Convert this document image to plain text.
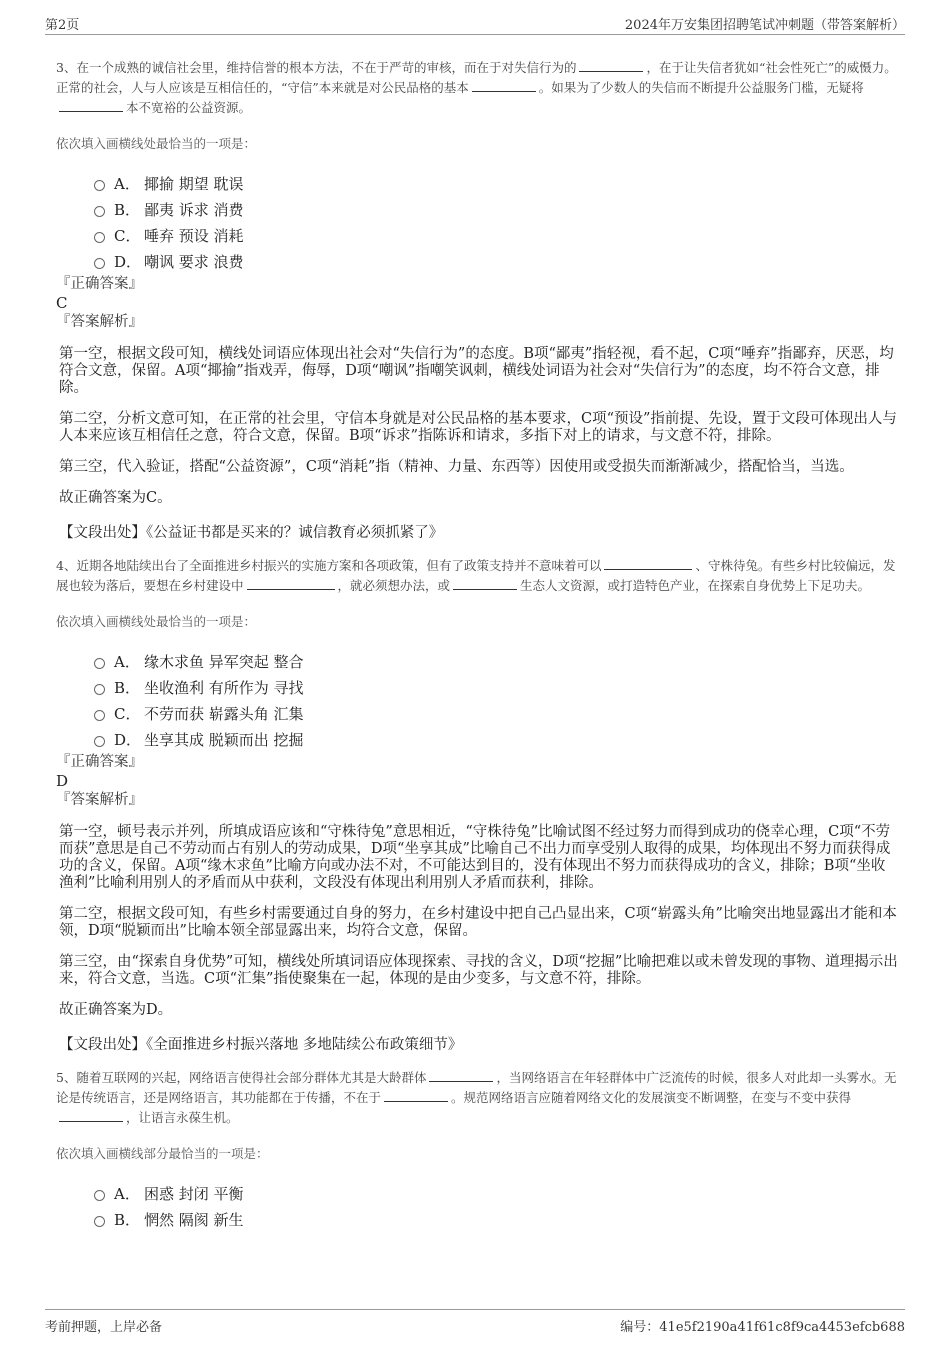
第2页	2024年万安集团招聘笔试冲刺题（带答案解析）

3、在一个成熟的诚信社会里，维持信誉的根本方法，不在于严苛的审核，而在于对失信行为的	，在于让失信者犹如“社会性死亡”的威慑力。正常的社会，人与人应该是互相信任的，“守信”本来就是对公民品格的基本	。如果为了少数人的失信而不断提升公益服务门槛，无疑将本不宽裕的公益资源。

依次填入画横线处最恰当的一项是：
A． 揶揄 期望 耽误
B． 鄙夷 诉求 消费
C． 唾弃 预设 消耗
D． 嘲讽 要求 浪费
『正确答案』
C
『答案解析』
第一空，根据文段可知，横线处词语应体现出社会对“失信行为”的态度。B项“鄙夷”指轻视，看不起，C项“唾弃”指鄙弃，厌恶，均符合文意，保留。A项“揶揄”指戏弄，侮辱，D项“嘲讽”指嘲笑讽刺，横线处词语为社会对“失信行为”的态度，均不符合文意，排除。
第二空，分析文意可知，在正常的社会里，守信本身就是对公民品格的基本要求，C项“预设”指前提、先设，置于文段可体现出人与人本来应该互相信任之意，符合文意，保留。B项“诉求”指陈诉和请求，多指下对上的请求，与文意不符，排除。
第三空，代入验证，搭配“公益资源”，C项“消耗”指（精神、力量、东西等）因使用或受损失而渐渐减少，搭配恰当，当选。
故正确答案为C。
【文段出处】《公益证书都是买来的？诚信教育必须抓紧了》

4、近期各地陆续出台了全面推进乡村振兴的实施方案和各项政策，但有了政策支持并不意味着可以	、守株待兔。有些乡村比较偏远，发展也较为落后，要想在乡村建设中	，就必须想办法，或	生态人文资源，或打造特色产业，在探索自身优势上下足功夫。

依次填入画横线处最恰当的一项是：
A． 缘木求鱼 异军突起 整合
B． 坐收渔利 有所作为 寻找
C． 不劳而获 崭露头角 汇集
D． 坐享其成 脱颖而出 挖掘
『正确答案』
D
『答案解析』
第一空，顿号表示并列，所填成语应该和“守株待兔”意思相近，“守株待兔”比喻试图不经过努力而得到成功的侥幸心理，C项“不劳而获”意思是自己不劳动而占有别人的劳动成果，D项“坐享其成”比喻自己不出力而享受别人取得的成果，均体现出不努力而获得成功的含义，保留。A项“缘木求鱼”比喻方向或办法不对，不可能达到目的，没有体现出不努力而获得成功的含义，排除；B项“坐收渔利”比喻利用别人的矛盾而从中获利，文段没有体现出利用别人矛盾而获利，排除。
第二空，根据文段可知，有些乡村需要通过自身的努力，在乡村建设中把自己凸显出来，C项“崭露头角”比喻突出地显露出才能和本领，D项“脱颖而出”比喻本领全部显露出来，均符合文意，保留。
第三空，由“探索自身优势”可知，横线处所填词语应体现探索、寻找的含义，D项“挖掘”比喻把难以或未曾发现的事物、道理揭示出来，符合文意，当选。C项“汇集”指使聚集在一起，体现的是由少变多，与文意不符，排除。
故正确答案为D。
【文段出处】《全面推进乡村振兴落地 多地陆续公布政策细节》

5、随着互联网的兴起，网络语言使得社会部分群体尤其是大龄群体	，当网络语言在年轻群体中广泛流传的时候，很多人对此却一头雾水。无论是传统语言，还是网络语言，其功能都在于传播，不在于	。规范网络语言应随着网络文化的发展演变不断调整，在变与不变中获得，让语言永葆生机。

依次填入画横线部分最恰当的一项是：
A． 困惑 封闭 平衡
B． 惘然 隔阂 新生
考前押题，上岸必备	编号：41e5f2190a41f61c8f9ca4453efcb688
